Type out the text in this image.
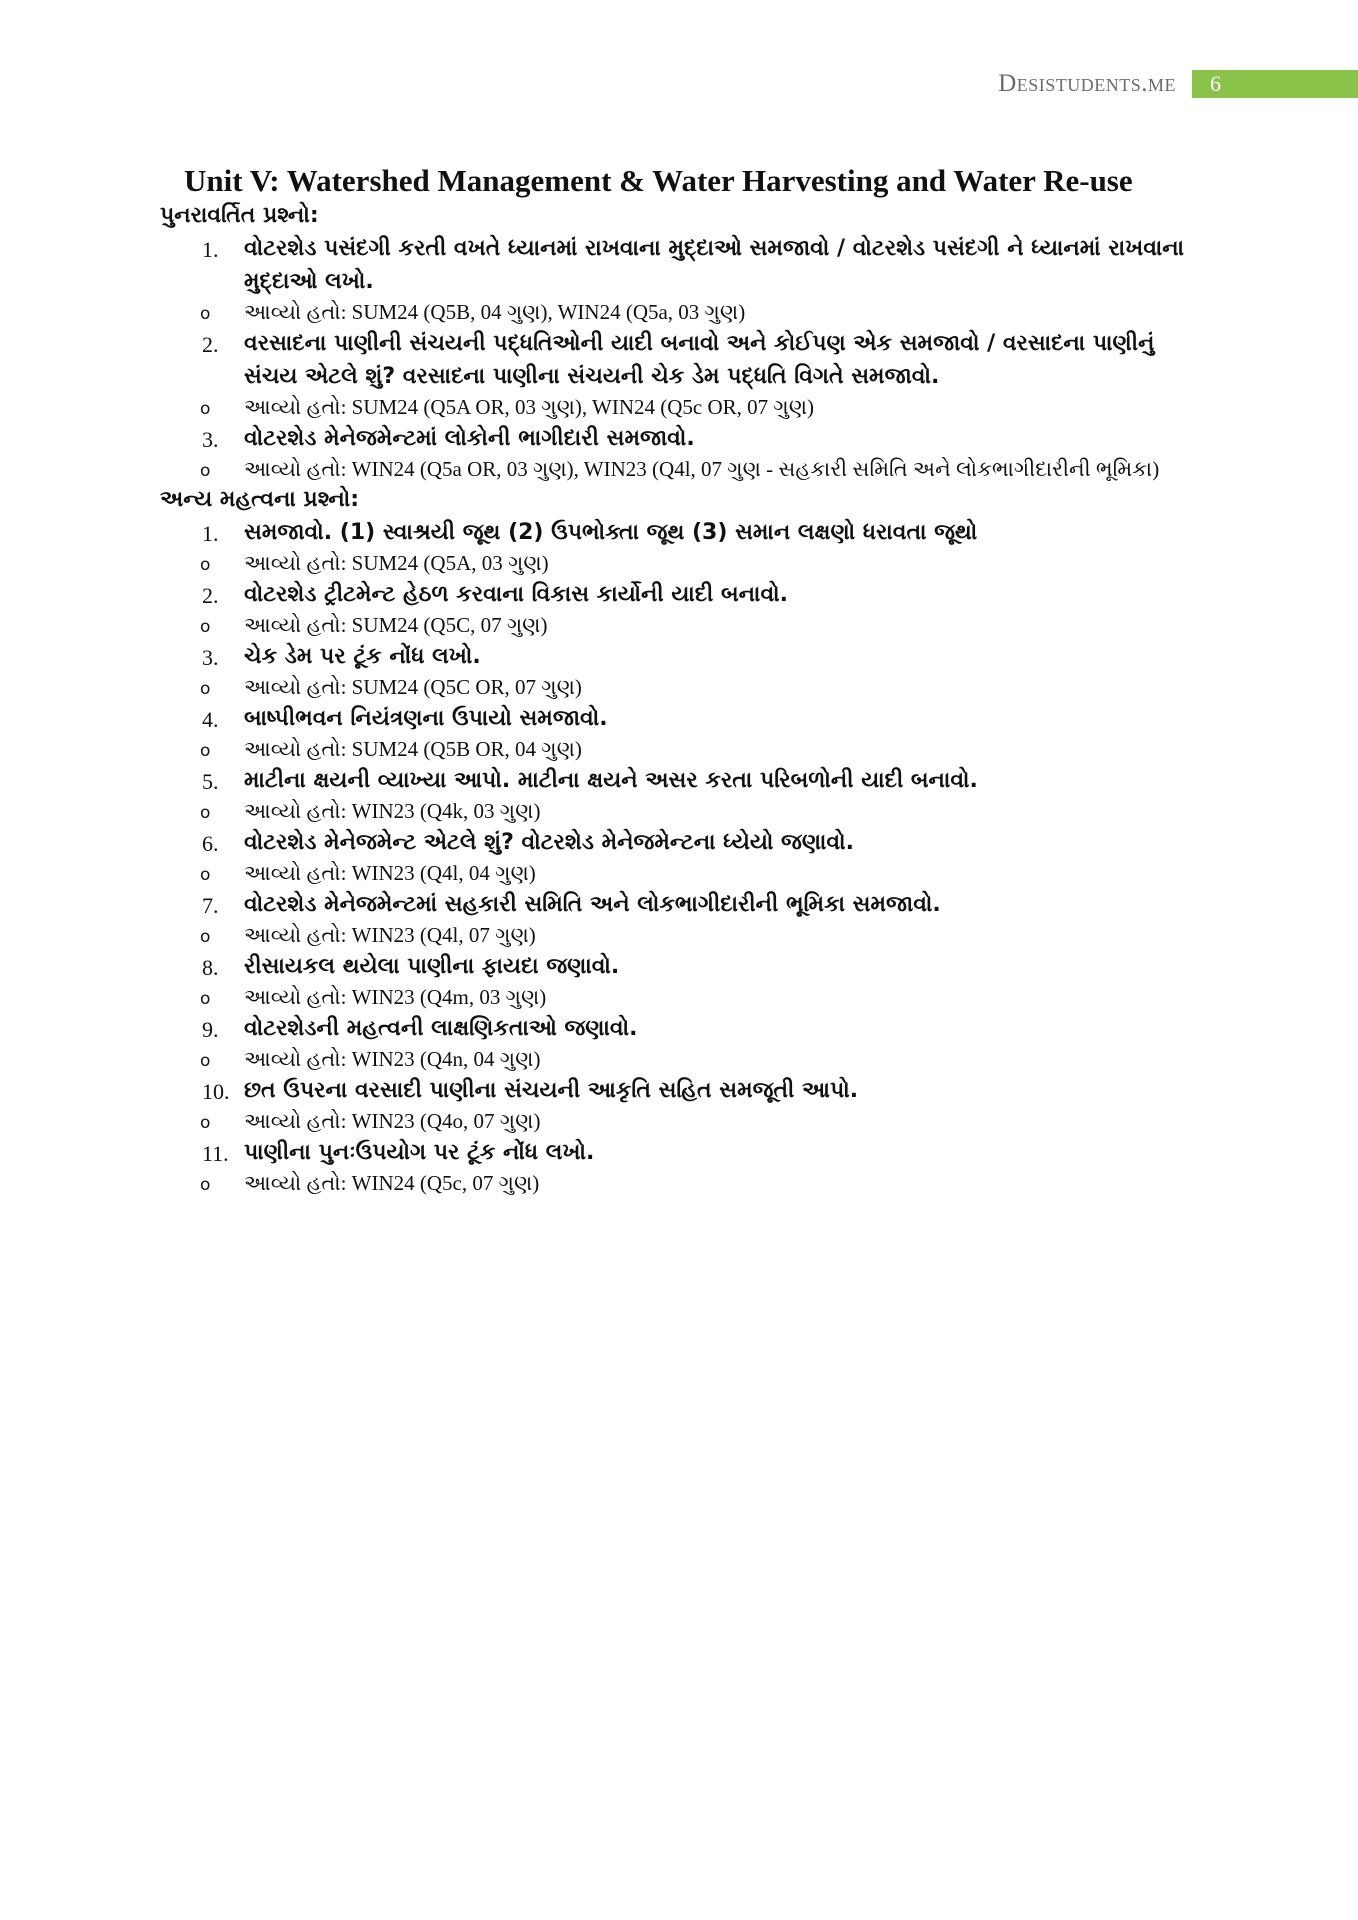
Desistudents.me	6
Unit V: Watershed Management & Water Harvesting and Water Re-use
પુનરાવર્તિત પ્રશ્નો:
1.	વોટરશેડ પસંદગી કરતી વખતે ધ્યાનમાં રાખવાના મુદ્દાઓ સમજાવો / વોટરશેડ પસંદગી ને ધ્યાનમાં રાખવાના મુદ્દાઓ લખો.
o આવ્યો હતો: SUM24 (Q5B, 04 ગુણ), WIN24 (Q5a, 03 ગુણ)
2.	વરસાદના પાણીની સંચયની પદ્ધતિઓની યાદી બનાવો અને કોઈપણ એક સમજાવો / વરસાદના પાણીનું સંચય એટલે શું? વરસાદના પાણીના સંચયની ચેક ડેમ પદ્ધતિ વિગતે સમજાવો.
o આવ્યો હતો: SUM24 (Q5A OR, 03 ગુણ), WIN24 (Q5c OR, 07 ગુણ)
3.	વોટરશેડ મેનેજમેન્ટમાં લોકોની ભાગીદારી સમજાવો.
o આવ્યો હતો: WIN24 (Q5a OR, 03 ગુણ), WIN23 (Q4l, 07 ગુણ - સહકારી સમિતિ અને લોકભાગીદારીની ભૂમિકા)
અન્ય મહત્વના પ્રશ્નો:
1.	સમજાવો. (1) સ્વાશ્રયી જૂથ (2) ઉપભોક્તા જૂથ (3) સમાન લક્ષણો ધરાવતા જૂથો
o આવ્યો હતો: SUM24 (Q5A, 03 ગુણ)
2.	વોટરશેડ ટ્રીટમેન્ટ હેઠળ કરવાના વિકાસ કાર્યોની યાદી બનાવો.
o આવ્યો હતો: SUM24 (Q5C, 07 ગુણ)
3.	ચેક ડેમ પર ટૂંક નોંધ લખો.
o આવ્યો હતો: SUM24 (Q5C OR, 07 ગુણ)
4.	બાષ્પીભવન નિયંત્રણના ઉપાયો સમજાવો.
o આવ્યો હતો: SUM24 (Q5B OR, 04 ગુણ)
5.	માટીના ક્ષયની વ્યાખ્યા આપો. માટીના ક્ષયને અસર કરતા પરિબળોની યાદી બનાવો.
o આવ્યો હતો: WIN23 (Q4k, 03 ગુણ)
6.	વોટરશેડ મેનેજમેન્ટ એટલે શું? વોટરશેડ મેનેજમેન્ટના ધ્યેયો જણાવો.
o આવ્યો હતો: WIN23 (Q4l, 04 ગુણ)
7.	વોટરશેડ મેનેજમેન્ટમાં સહકારી સમિતિ અને લોકભાગીદારીની ભૂમિકા સમજાવો.
o આવ્યો હતો: WIN23 (Q4l, 07 ગુણ)
8.	રીસાયકલ થયેલા પાણીના ફાયદા જણાવો.
o આવ્યો હતો: WIN23 (Q4m, 03 ગુણ)
9.	વોટરશેડની મહત્વની લાક્ષણિકતાઓ જણાવો.
o આવ્યો હતો: WIN23 (Q4n, 04 ગુણ)
10. છત ઉપરના વરસાદી પાણીના સંચયની આકૃતિ સહિત સમજૂતી આપો.
o આવ્યો હતો: WIN23 (Q4o, 07 ગુણ)
11. પાણીના પુનઃઉપયોગ પર ટૂંક નોંધ લખો.
o આવ્યો હતો: WIN24 (Q5c, 07 ગુણ)
